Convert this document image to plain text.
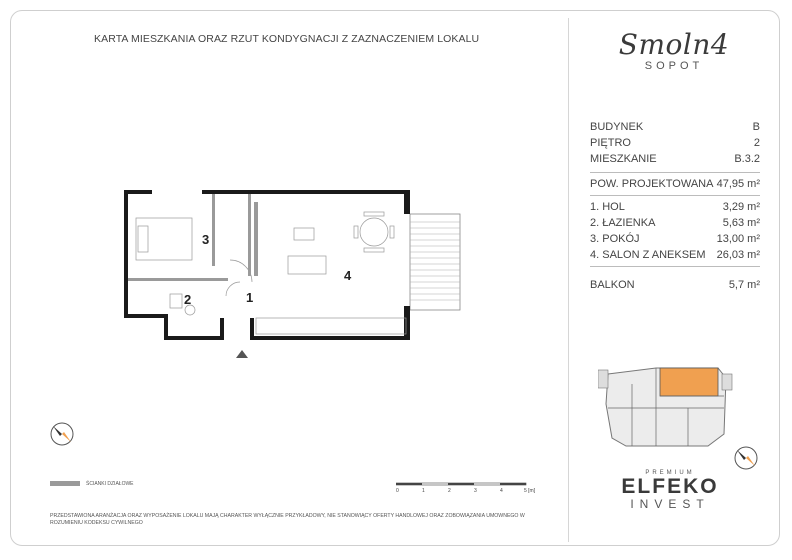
KARTA MIESZKANIA ORAZ RZUT KONDYGNACJI Z ZAZNACZENIEM LOKALU	Smoln4
SOPOT
BUDYNEK	B
PIĘTRO	2
MIESZKANIE	B.3.2
POW. PROJEKTOWANA 47,95 m²
1. HOL	3,29 m²
2. ŁAZIENKA	5,63 m²
3. POKÓJ	13,00 m²
4. SALON Z ANEKSEM 26,03 m²
BALKON	5,7 m²
3
2	1
4
ŚCIANKI DZIAŁOWE
0	1	2	3	4	5 [m]
PRZEDSTAWIONA ARANŻACJA ORAZ WYPOSAŻENIE LOKALU MAJĄ CHARAKTER WYŁĄCZNIE PRZYKŁADOWY, NIE STANOWIĄCY OFERTY HANDLOWEJ ORAZ ZOBOWIĄZANIA UMOWNEGO W ROZUMIENIU KODEKSU CYWILNEGO
PREMIUM
ELFEKO
INVEST
